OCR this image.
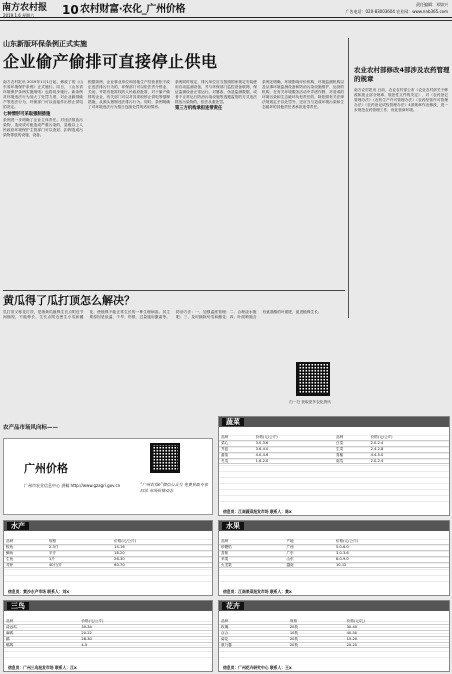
南方农村报
2019.1.6 星期六 10 农村财富·农化_广州价格	责任编辑：邓如兴
广告电话：020-83003604 农业网：www.nnb365.com
山东新版环保条例正式实施
企业偷产偷排可直接停止供电
南方农村报讯 2019年1月1日起，修改了的《山东省环境保护条例》正式施行。同日，《山东省环境保护条例实施细则》也将同步施行。新条例对环境违法行为加大了处罚力度，对企业偷排偷产等违法行为，环保部门可以直接作出停止供电的决定。
七种情形可采取强制措施
条例进一步明确了企业主体责任。对违法排放污染物、造成或可能造成严重污染的，县级以上人民政府环境保护主管部门可以查封、扣押造成污染物排放的设施、设备。
根据条例，企业事业单位和其他生产经营者拒不改正违法排污行为的，环保部门可以依法责令停业、关闭，并报有批准权的人民政府批准，对于偷产偷排的企业，有关部门可以对其采取停止供电等强制措施，从源头遏制违法排污行为。同时，条例明确了对环境违法行为按日连续处罚的适用情形。
条例同时规定，排污单位应当按照国家规定安装使用自动监测设备，并与环保部门监控设备联网，保证监测设备正常运行。对篡改、伪造监测数据，或者不正常运行防治污染设施等逃避监管的方式违法排放污染物的，依法从重处罚。
第三方机构承担连带责任
条例还明确，环境影响评价机构、环境监测机构以及从事环境监测设备和防治污染设施维护、运营的机构，在有关环境服务活动中弄虚作假，对造成的环境污染和生态破坏负有责任的，除依照有关法律法规规定予以处罚外，还应当与造成环境污染和生态破坏的其他责任者承担连带责任。
农业农村部修改4部涉及农药管理的规章
南方农村报讯 日前，农业农村部公布《农业农村部关于修改和废止部分规章、规范性文件的决定》，对《农药登记管理办法》《农药生产许可管理办法》《农药经营许可管理办法》《农药登记试验管理办法》4部规章作出修改，进一步规范农药管理工作，优化营商环境。
黄瓜得了瓜打顶怎么解决？
瓜打顶又称花打顶，是指黄瓜植株生长点附近节间缩短，不能伸长，生长点附近密生小瓜和雌花，使植株不能正常生长的一种生理病害。其主要原因是低温、干旱、伤根、过量施用激素等。防治方法：一、加强温度管理；二、合理浇水施肥；三、及时摘除幼瓜和雌花；四、叶面喷施含有氨基酸的叶面肥，促进植株生长。
扫一扫 获取更多农化资讯
农产品市场风向标——
广州价格
广州市农业信息中心 供稿 http://www.gzagri.gov.cn	“广州农得e”微信公众号 免费获取专家问诊 市场价格动态
蔬菜
品种	价格(元/公斤)	品种	价格(元/公斤)
菜心	3.0-3.6	白菜	2.0-2.4
芥蓝	3.6-4.0	生菜	2.4-2.8
番茄	4.0-4.6	青椒	4.4-5.0
冬瓜	1.6-2.0	南瓜	2.0-2.4
信息员：江南蔬菜批发市场 联系人：陈X
水产
品种	规格	价格(元/公斤)
鲩鱼	2-3斤	14-16
鲫鱼	半斤	18-20
生鱼	1斤	26-30
对虾	40只/斤	60-70
信息员：黄沙水产市场 联系人：刘X
水果
品种	产地	价格(元/公斤)
砂糖桔	广西	5.0-6.0
香蕉	广东	3.0-3.6
苹果	山东	8.0-9.0
火龙果	越南	10-12
信息员：江南果菜批发市场 联系人：黄X
三鸟
品种	价格(元/公斤)
清远鸡	30-34
麻鸭	20-22
鹅	28-30
鹌鹑	4-5
信息员：广州三鸟批发市场 联系人：江X
花卉
品种	规格	价格(元/扎)
玫瑰	20枝	30-40
百合	10枝	40-50
菊花	20枝	15-20
康乃馨	20枝	20-25
信息员：广州花卉研究中心 联系人：王X
